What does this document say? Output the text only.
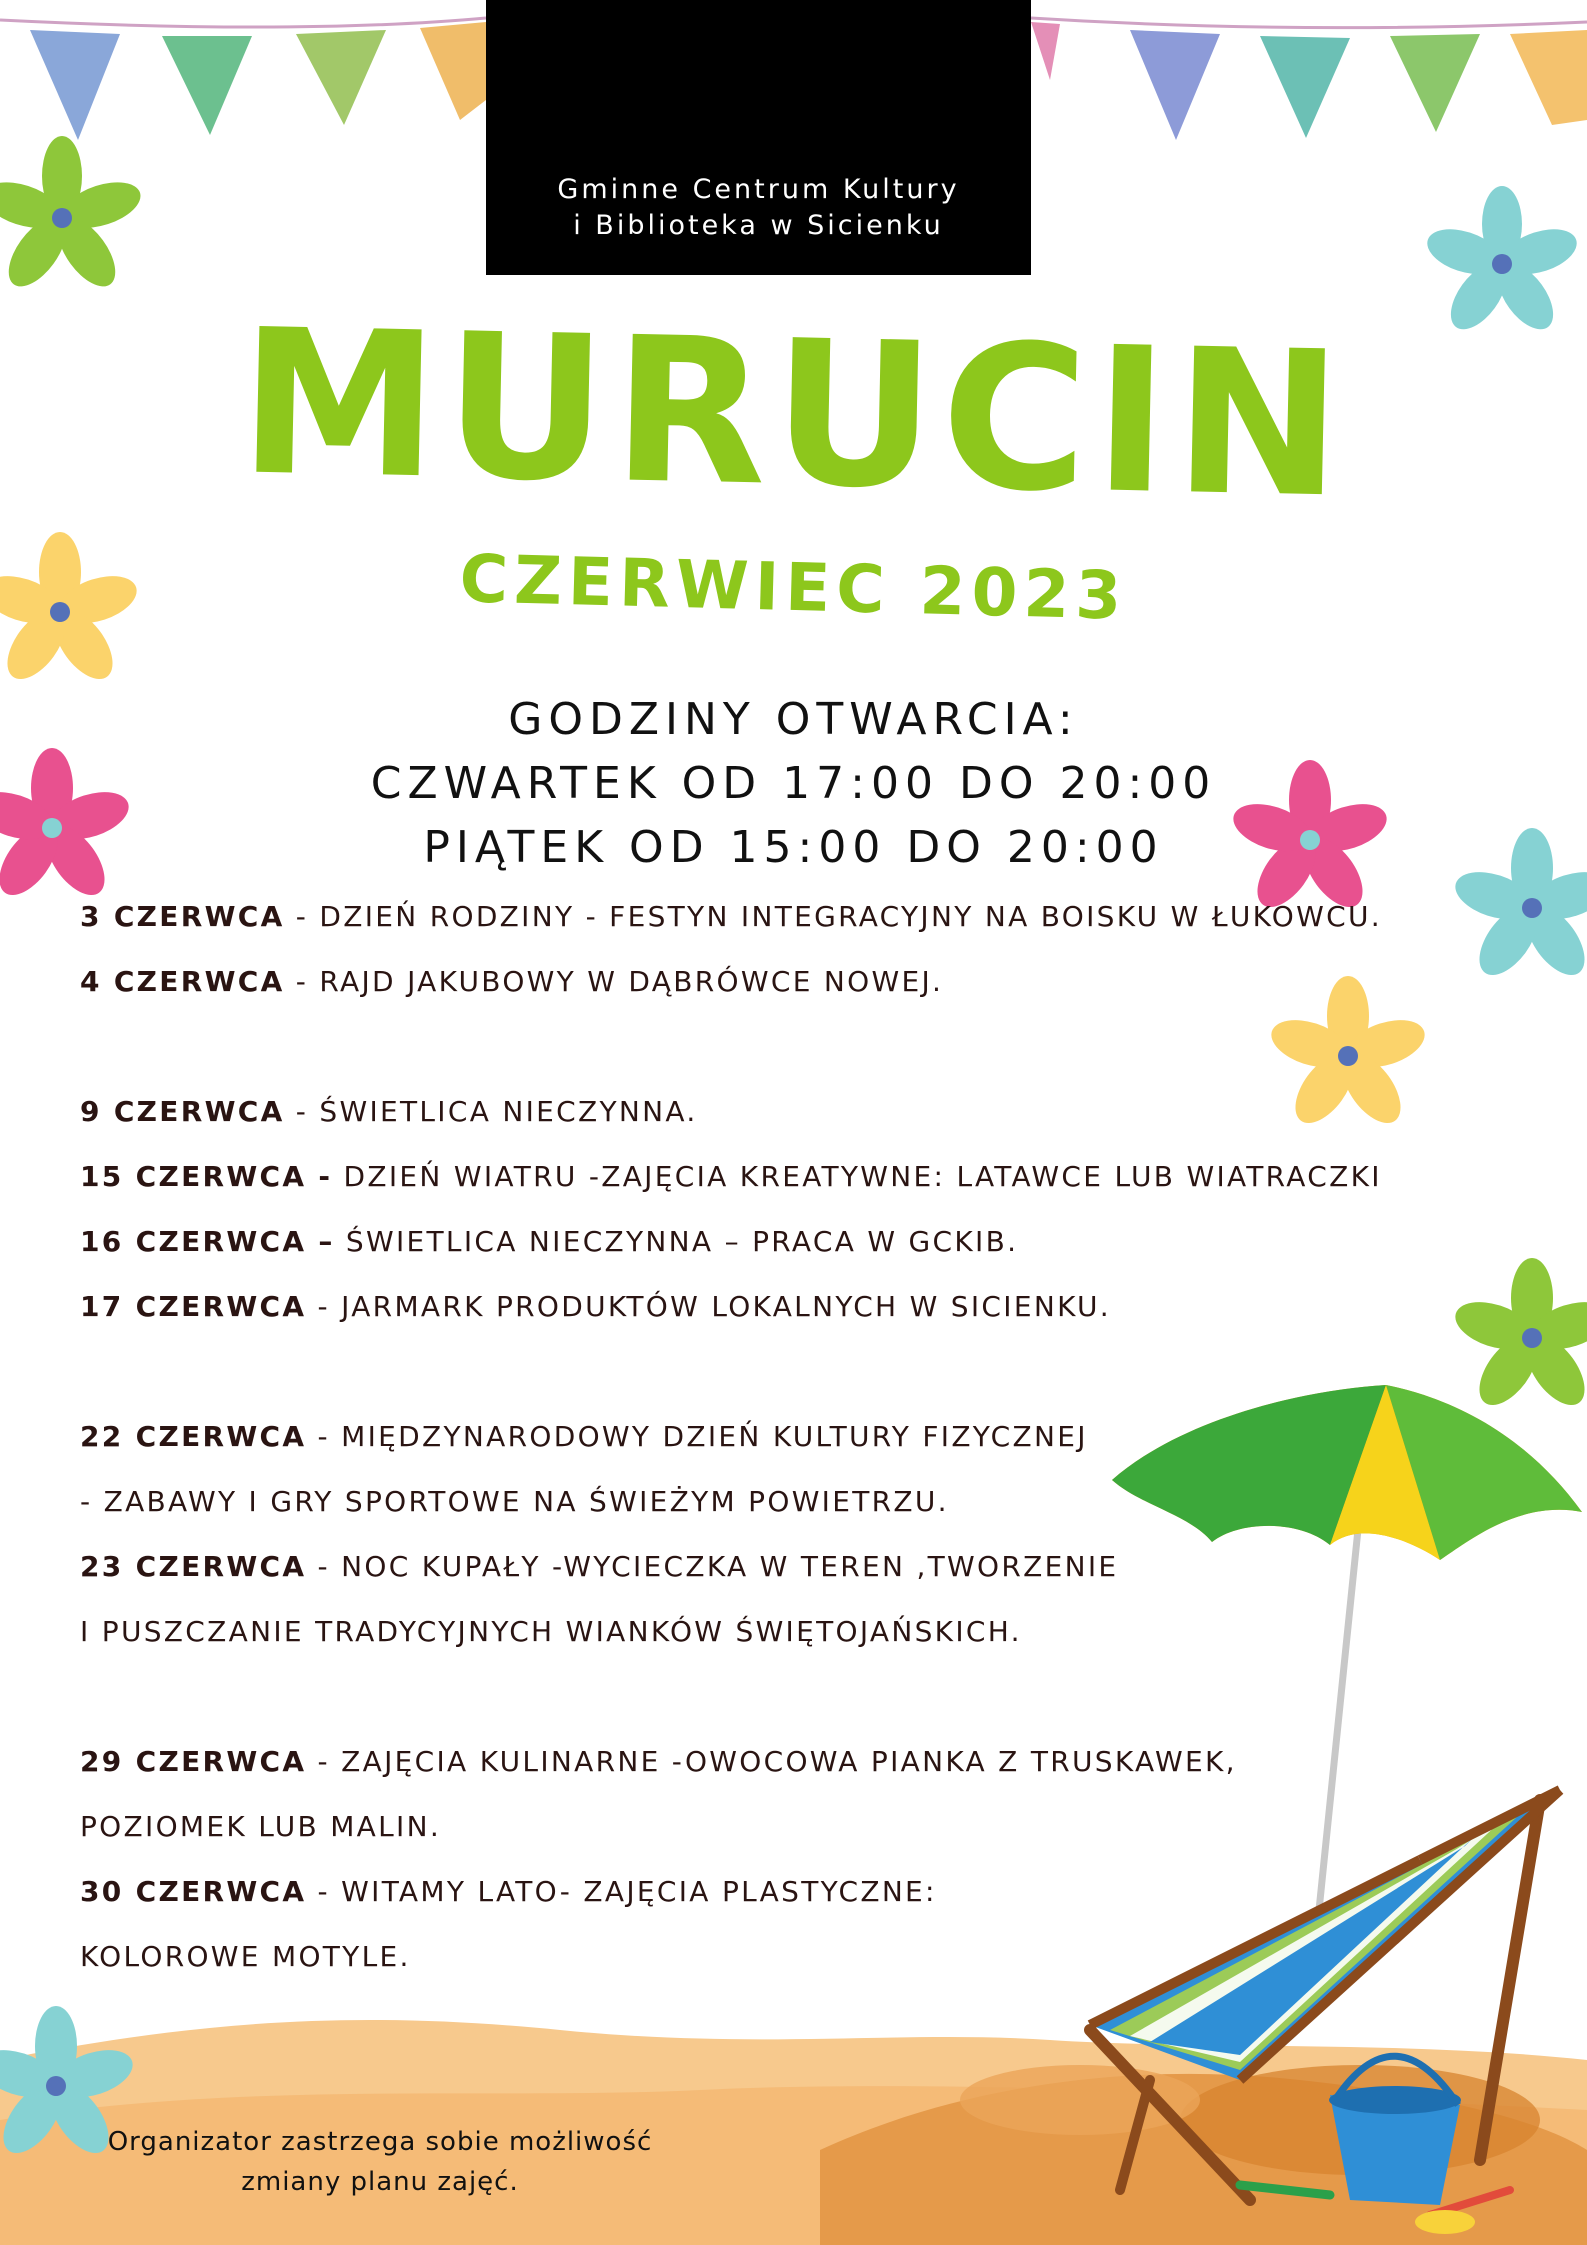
Gminne Centrum Kultury
i Biblioteka w Sicienku
MURUCIN
CZERWIEC 2023
GODZINY OTWARCIA:
CZWARTEK OD 17:00 DO 20:00
PIĄTEK OD 15:00 DO 20:00
3 CZERWCA - DZIEŃ RODZINY - FESTYN INTEGRACYJNY NA BOISKU W ŁUKOWCU.
4 CZERWCA - RAJD JAKUBOWY W DĄBRÓWCE NOWEJ.
9 CZERWCA - ŚWIETLICA NIECZYNNA.
15 CZERWCA - DZIEŃ WIATRU -ZAJĘCIA KREATYWNE: LATAWCE LUB WIATRACZKI
16 CZERWCA – ŚWIETLICA NIECZYNNA – PRACA W GCKIB.
17 CZERWCA - JARMARK PRODUKTÓW LOKALNYCH W SICIENKU.
22 CZERWCA - MIĘDZYNARODOWY DZIEŃ KULTURY FIZYCZNEJ
- ZABAWY I GRY SPORTOWE NA ŚWIEŻYM POWIETRZU.
23 CZERWCA - NOC KUPAŁY -WYCIECZKA W TEREN ,TWORZENIE
I PUSZCZANIE TRADYCYJNYCH WIANKÓW ŚWIĘTOJAŃSKICH.
29 CZERWCA - ZAJĘCIA KULINARNE -OWOCOWA PIANKA Z TRUSKAWEK,
POZIOMEK LUB MALIN.
30 CZERWCA - WITAMY LATO- ZAJĘCIA PLASTYCZNE:
KOLOROWE MOTYLE.
Organizator zastrzega sobie możliwość
zmiany planu zajęć.
